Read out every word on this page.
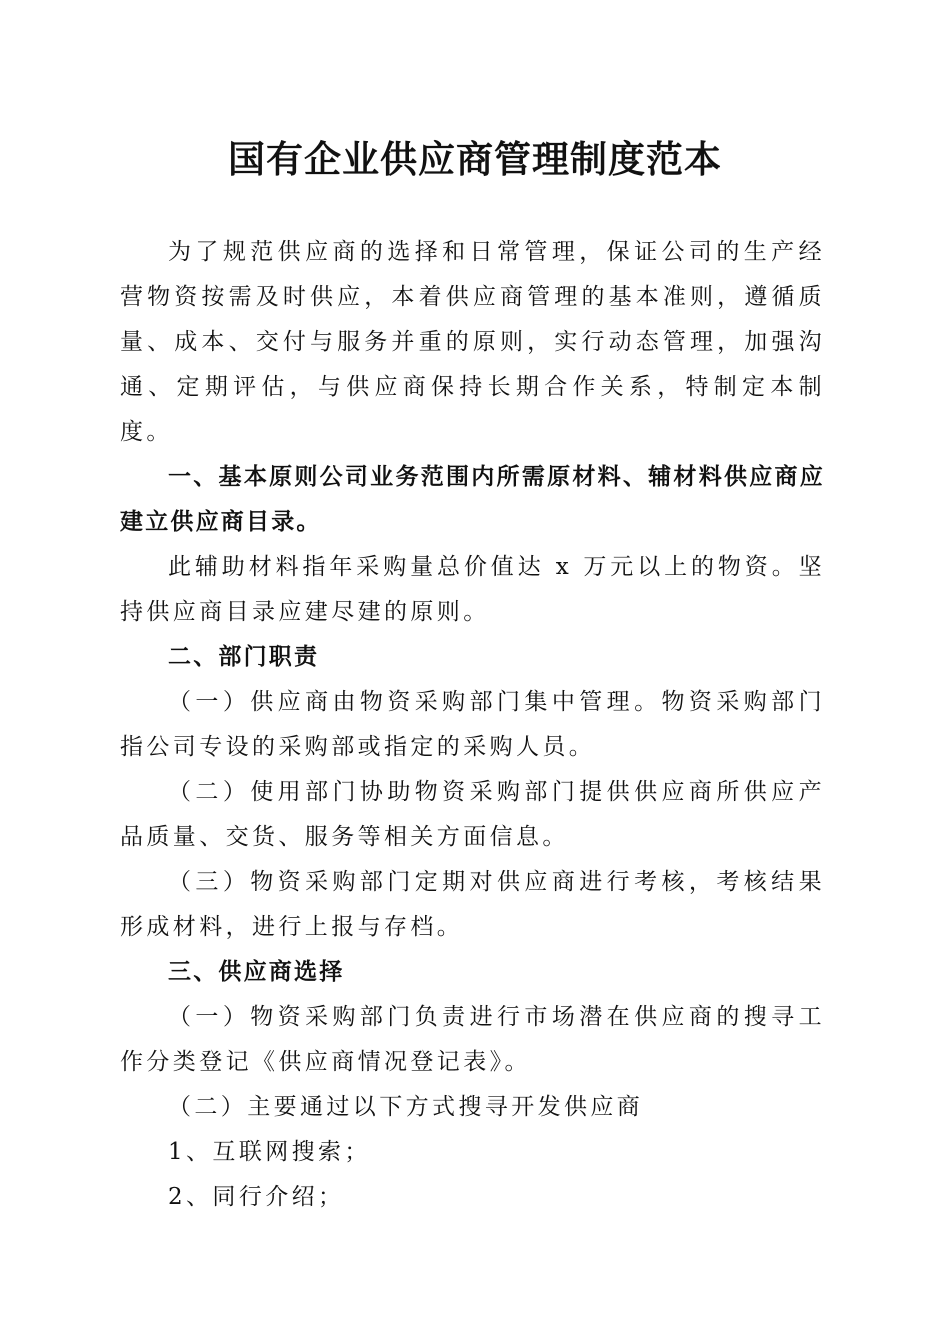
国有企业供应商管理制度范本

为了规范供应商的选择和日常管理，保证公司的生产经营物资按需及时供应，本着供应商管理的基本准则，遵循质量、成本、交付与服务并重的原则，实行动态管理，加强沟通、定期评估，与供应商保持长期合作关系，特制定本制度。

一、基本原则公司业务范围内所需原材料、辅材料供应商应建立供应商目录。

此辅助材料指年采购量总价值达 x 万元以上的物资。坚持供应商目录应建尽建的原则。

二、部门职责

（一）供应商由物资采购部门集中管理。物资采购部门指公司专设的采购部或指定的采购人员。

（二）使用部门协助物资采购部门提供供应商所供应产品质量、交货、服务等相关方面信息。

（三）物资采购部门定期对供应商进行考核，考核结果形成材料，进行上报与存档。

三、供应商选择

（一）物资采购部门负责进行市场潜在供应商的搜寻工作分类登记《供应商情况登记表》。

（二）主要通过以下方式搜寻开发供应商

1、互联网搜索；

2、同行介绍；
